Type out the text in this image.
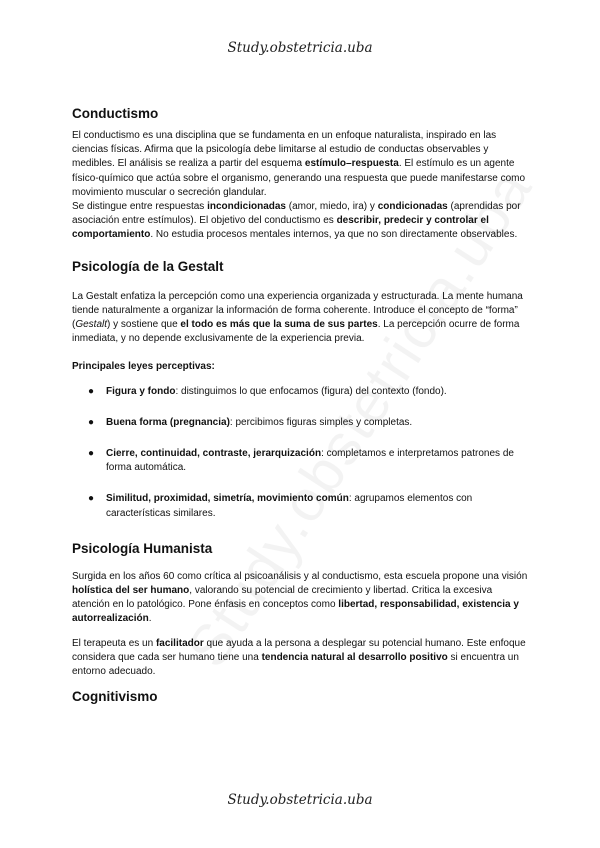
Study.obstetricia.uba
Conductismo

El conductismo es una disciplina que se fundamenta en un enfoque naturalista, inspirado en las ciencias físicas. Afirma que la psicología debe limitarse al estudio de conductas observables y medibles. El análisis se realiza a partir del esquema estímulo–respuesta. El estímulo es un agente físico-químico que actúa sobre el organismo, generando una respuesta que puede manifestarse como movimiento muscular o secreción glandular.

Se distingue entre respuestas incondicionadas (amor, miedo, ira) y condicionadas (aprendidas por asociación entre estímulos). El objetivo del conductismo es describir, predecir y controlar el comportamiento. No estudia procesos mentales internos, ya que no son directamente observables.

Psicología de la Gestalt

La Gestalt enfatiza la percepción como una experiencia organizada y estructurada. La mente humana tiende naturalmente a organizar la información de forma coherente. Introduce el concepto de “forma” (Gestalt) y sostiene que el todo es más que la suma de sus partes. La percepción ocurre de forma inmediata, y no depende exclusivamente de la experiencia previa.

Principales leyes perceptivas:

● Figura y fondo: distinguimos lo que enfocamos (figura) del contexto (fondo).
● Buena forma (pregnancia): percibimos figuras simples y completas.
● Cierre, continuidad, contraste, jerarquización: completamos e interpretamos patrones de forma automática.
● Similitud, proximidad, simetría, movimiento común: agrupamos elementos con características similares.
Psicología Humanista

Surgida en los años 60 como crítica al psicoanálisis y al conductismo, esta escuela propone una visión holística del ser humano, valorando su potencial de crecimiento y libertad. Critica la excesiva atención en lo patológico. Pone énfasis en conceptos como libertad, responsabilidad, existencia y autorrealización.

El terapeuta es un facilitador que ayuda a la persona a desplegar su potencial humano. Este enfoque considera que cada ser humano tiene una tendencia natural al desarrollo positivo si encuentra un entorno adecuado.

Cognitivismo
Study.obstetricia.uba
